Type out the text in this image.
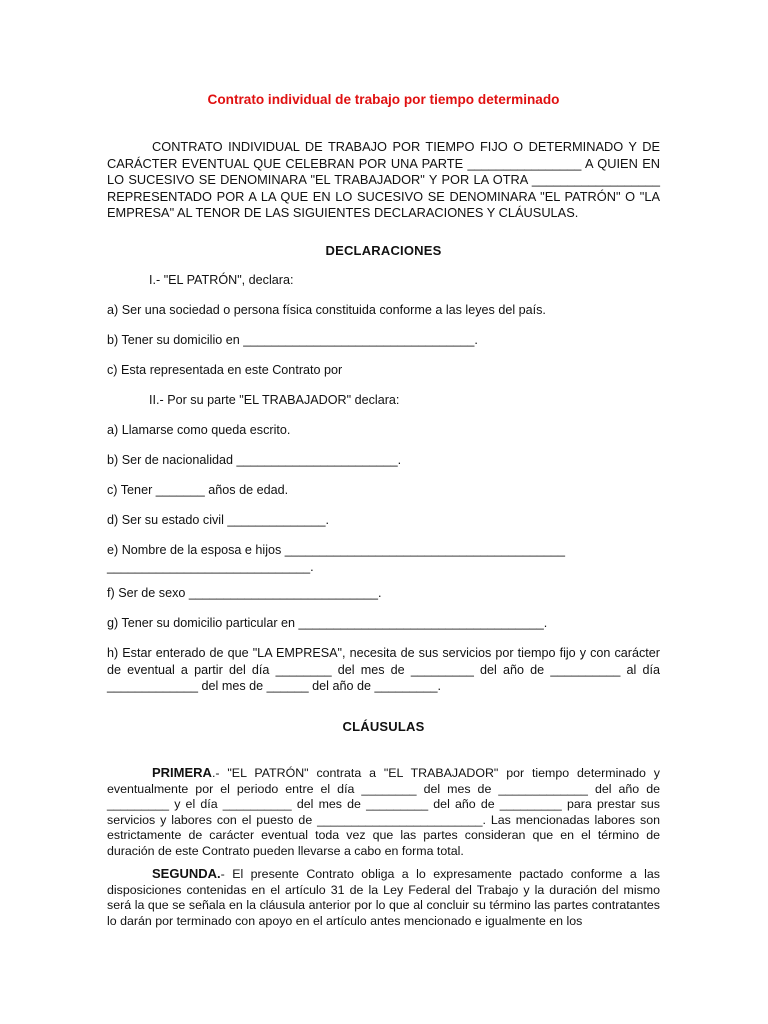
Contrato individual de trabajo por tiempo determinado

CONTRATO INDIVIDUAL DE TRABAJO POR TIEMPO FIJO O DETERMINADO Y DE CARÁCTER EVENTUAL QUE CELEBRAN POR UNA PARTE ________________ A QUIEN EN LO SUCESIVO SE DENOMINARA "EL TRABAJADOR" Y POR LA OTRA __________________ REPRESENTADO POR A LA QUE EN LO SUCESIVO SE DENOMINARA "EL PATRÓN" O "LA EMPRESA" AL TENOR DE LAS SIGUIENTES DECLARACIONES Y CLÁUSULAS.

DECLARACIONES

I.- "EL PATRÓN", declara:

a) Ser una sociedad o persona física constituida conforme a las leyes del país.

b) Tener su domicilio en _________________________________.

c) Esta representada en este Contrato por

II.- Por su parte "EL TRABAJADOR" declara:

a) Llamarse como queda escrito.

b) Ser de nacionalidad _______________________.

c) Tener _______ años de edad.

d) Ser su estado civil ______________.

e) Nombre de la esposa e hijos ________________________________________ _____________________________.

f) Ser de sexo ___________________________.

g) Tener su domicilio particular en ___________________________________.

h) Estar enterado de que "LA EMPRESA", necesita de sus servicios por tiempo fijo y con carácter de eventual a partir del día ________ del mes de _________ del año de __________ al día _____________ del mes de ______ del año de _________.

CLÁUSULAS

PRIMERA.- "EL PATRÓN" contrata a "EL TRABAJADOR" por tiempo determinado y eventualmente por el periodo entre el día ________ del mes de _____________ del año de _________ y el día __________ del mes de _________ del año de _________ para prestar sus servicios y labores con el puesto de ________________________. Las mencionadas labores son estrictamente de carácter eventual toda vez que las partes consideran que en el término de duración de este Contrato pueden llevarse a cabo en forma total.

SEGUNDA.- El presente Contrato obliga a lo expresamente pactado conforme a las disposiciones contenidas en el artículo 31 de la Ley Federal del Trabajo y la duración del mismo será la que se señala en la cláusula anterior por lo que al concluir su término las partes contratantes lo darán por terminado con apoyo en el artículo antes mencionado e igualmente en los
